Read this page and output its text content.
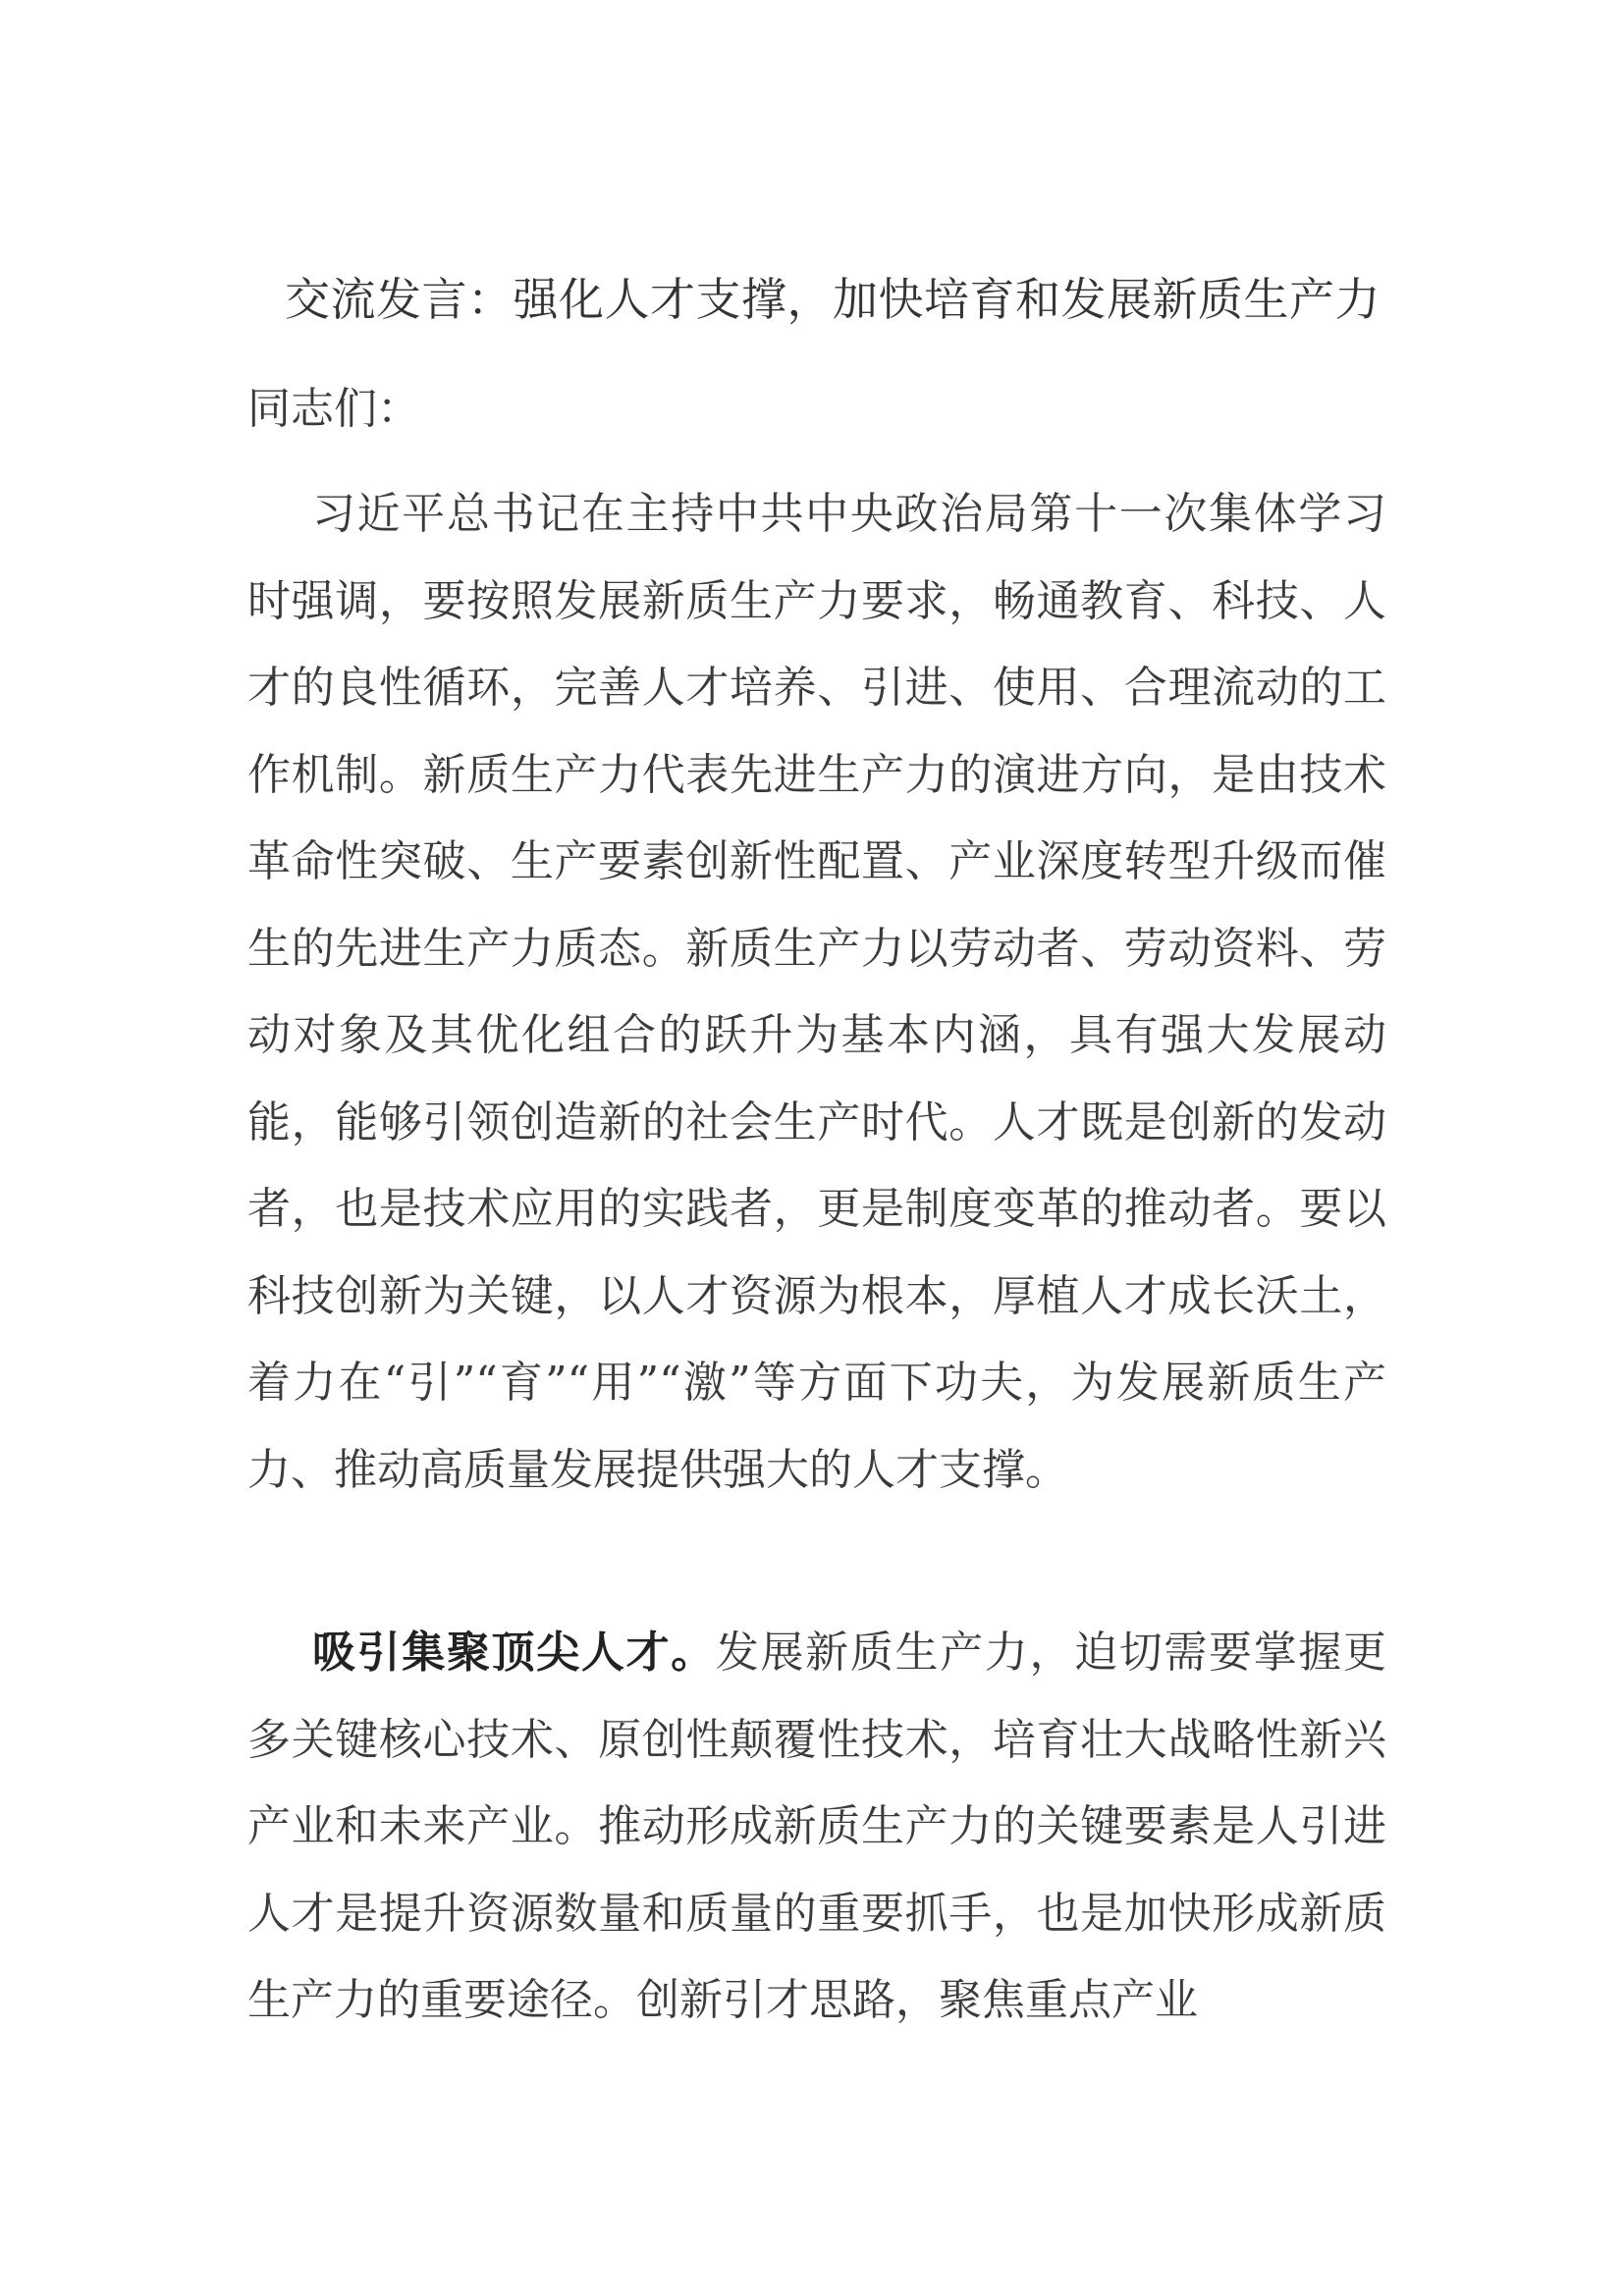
交流发言：强化人才支撑，加快培育和发展新质生产力
同志们：
习近平总书记在主持中共中央政治局第十一次集体学习时强调，要按照发展新质生产力要求，畅通教育、科技、人才的良性循环，完善人才培养、引进、使用、合理流动的工作机制。新质生产力代表先进生产力的演进方向，是由技术革命性突破、生产要素创新性配置、产业深度转型升级而催生的先进生产力质态。新质生产力以劳动者、劳动资料、劳动对象及其优化组合的跃升为基本内涵，具有强大发展动能，能够引领创造新的社会生产时代。人才既是创新的发动者，也是技术应用的实践者，更是制度变革的推动者。要以科技创新为关键，以人才资源为根本，厚植人才成长沃土，着力在“引”“育”“用”“激”等方面下功夫，为发展新质生产力、推动高质量发展提供强大的人才支撑。
吸引集聚顶尖人才。发展新质生产力，迫切需要掌握更多关键核心技术、原创性颠覆性技术，培育壮大战略性新兴产业和未来产业。推动形成新质生产力的关键要素是人引进人才是提升资源数量和质量的重要抓手，也是加快形成新质生产力的重要途径。创新引才思路，聚焦重点产业
